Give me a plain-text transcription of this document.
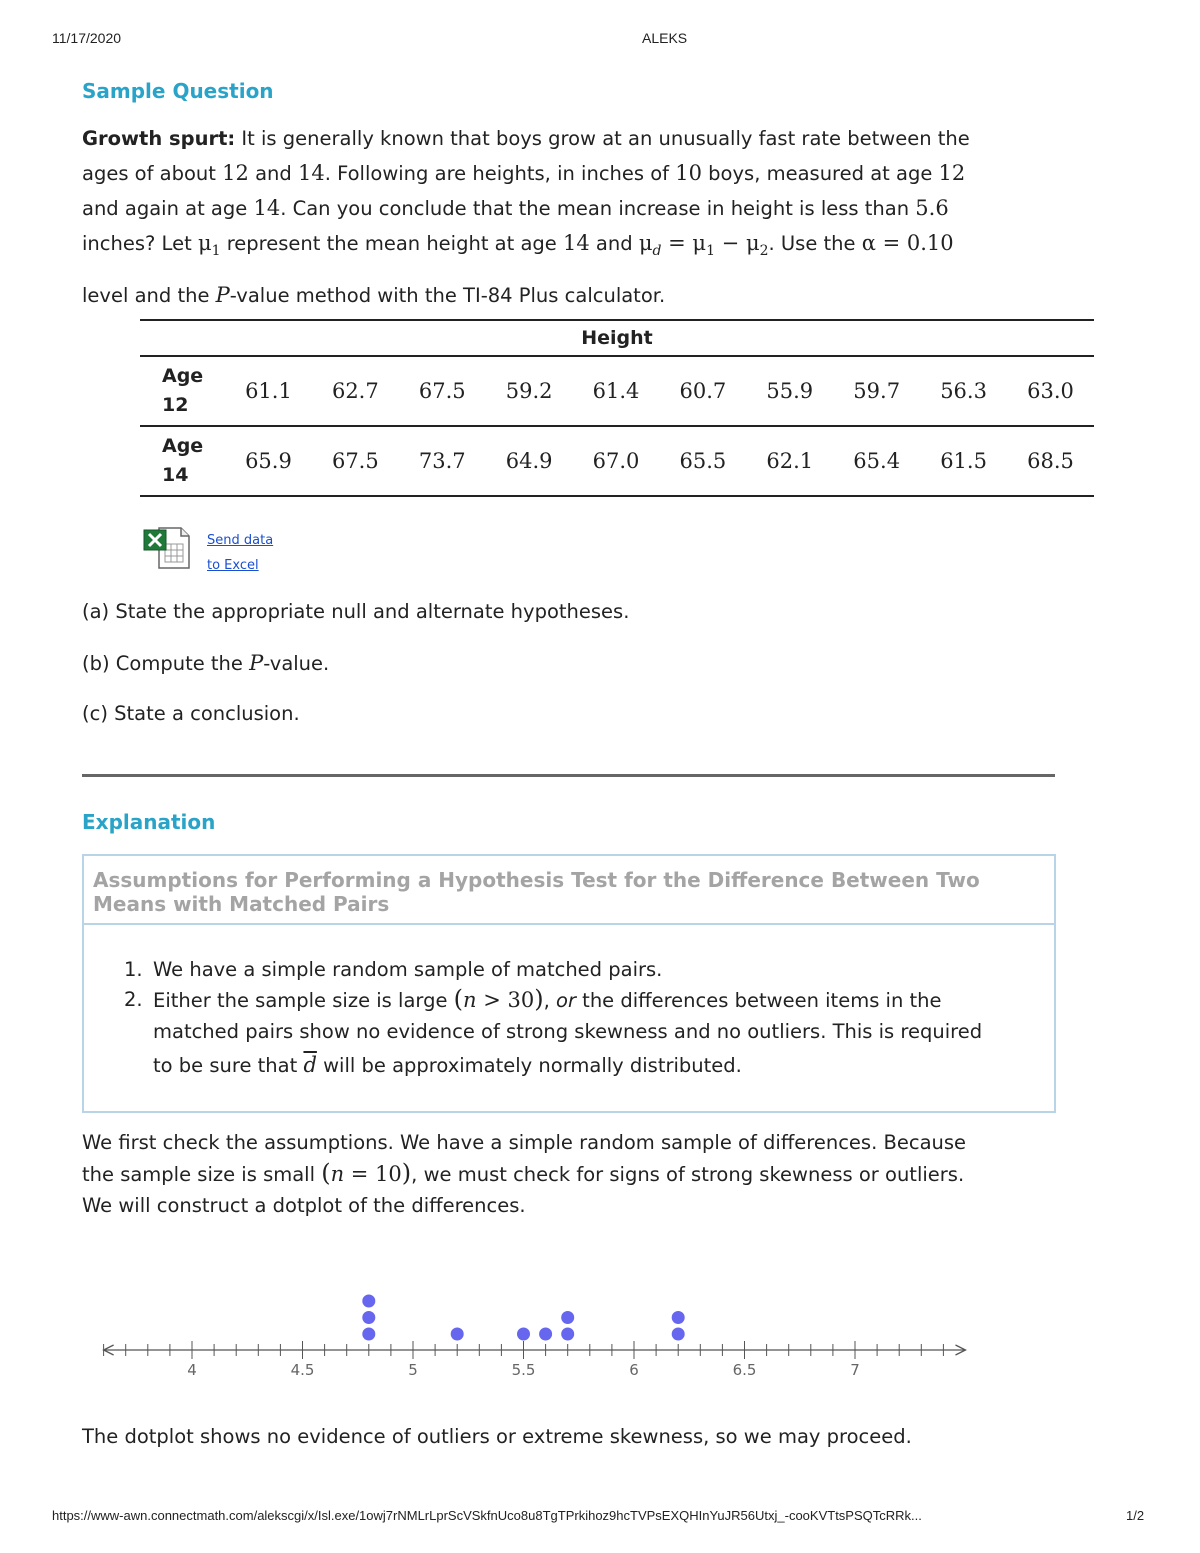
11/17/2020	ALEKS
Sample Question
Growth spurt: It is generally known that boys grow at an unusually fast rate between the
ages of about 12 and 14. Following are heights, in inches of 10 boys, measured at age 12
and again at age 14. Can you conclude that the mean increase in height is less than 5.6
inches? Let $\mu_1$ represent the mean height at age 14 and $\mu_d = \mu_1 - \mu_2$. Use the α = 0.10
level and the P-value method with the TI-84 Plus calculator.
Height										
Age
12	61.1	62.7	67.5	59.2	61.4	60.7	55.9	59.7	56.3	63.0
Age
14	65.9	67.5	73.7	64.9	67.0	65.5	62.1	65.4	61.5	68.5
Send data
to Excel
(a) State the appropriate null and alternate hypotheses.
(b) Compute the P-value.
(c) State a conclusion.
Explanation
Assumptions for Performing a Hypothesis Test for the Difference Between Two Means with Matched Pairs
1. We have a simple random sample of matched pairs.
2. Either the sample size is large (n > 30), or the differences between items in the
matched pairs show no evidence of strong skewness and no outliers. This is required
to be sure that $\overline{d}$ will be approximately normally distributed.
We first check the assumptions. We have a simple random sample of differences. Because
the sample size is small (n = 10), we must check for signs of strong skewness or outliers.
We will construct a dotplot of the differences.
4	4.5	5	5.5	6	6.5	7
The dotplot shows no evidence of outliers or extreme skewness, so we may proceed.
https://www-awn.connectmath.com/alekscgi/x/Isl.exe/1owj7rNMLrLprScVSkfnUco8u8TgTPrkihoz9hcTVPsEXQHInYuJR56Utxj_-cooKVTtsPSQTcRRk...	1/2
